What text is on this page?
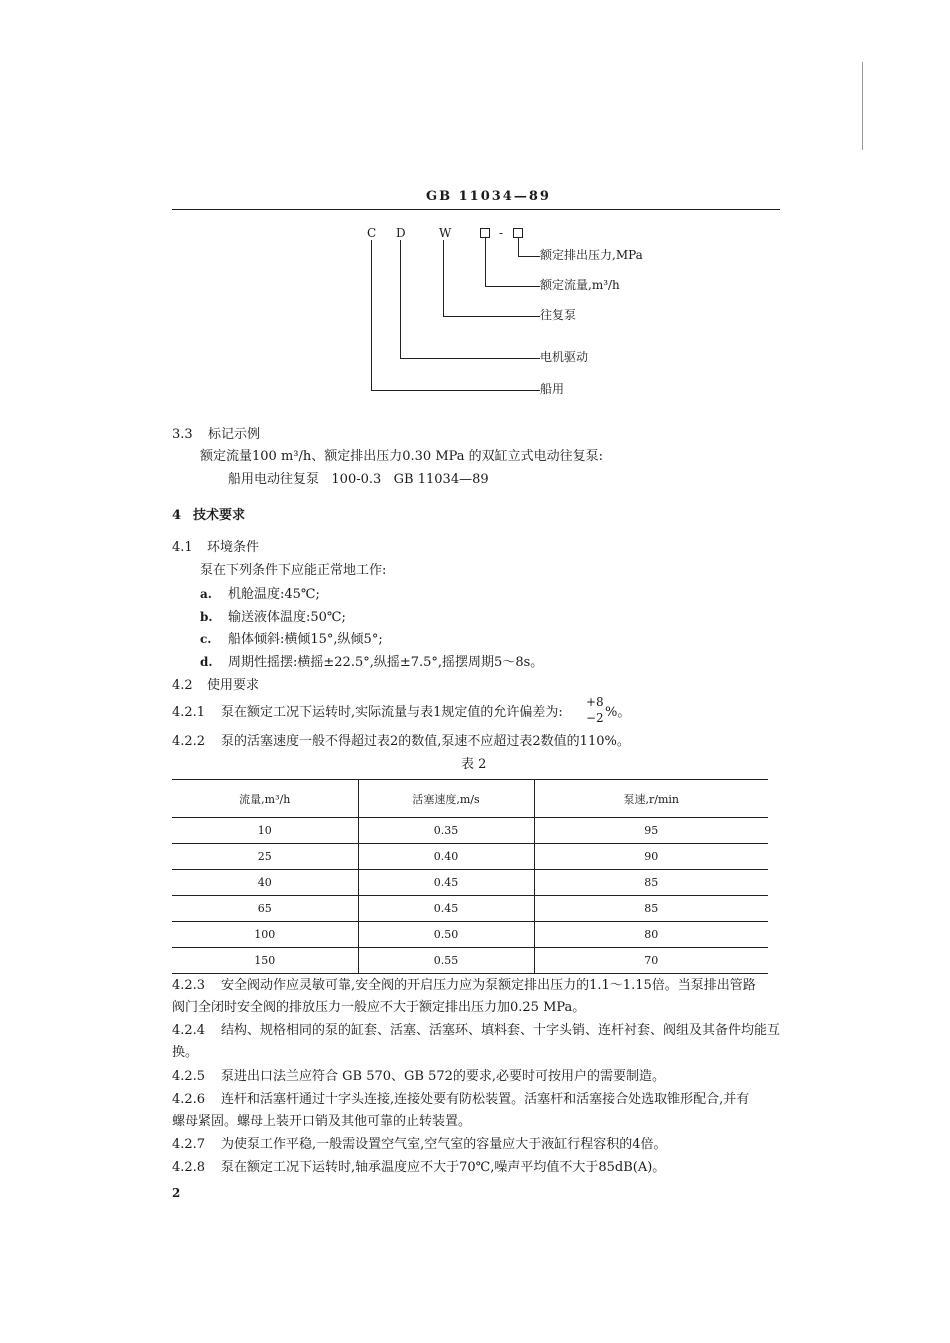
GB 11034—89
C D	W	-
额定排出压力,MPa
额定流量,m³/h
往复泵
电机驱动
船用
3.3 标记示例
额定流量100 m³/h、额定排出压力0.30 MPa 的双缸立式电动往复泵:
船用电动往复泵   100-0.3   GB 11034—89
4 技术要求
4.1 环境条件
泵在下列条件下应能正常地工作:
a. 机舱温度:45℃;
b. 输送液体温度:50℃;
c. 船体倾斜:横倾15°,纵倾5°;
d. 周期性摇摆:横摇±22.5°,纵摇±7.5°,摇摆周期5～8s。
4.2 使用要求
4.2.1 泵在额定工况下运转时,实际流量与表1规定值的允许偏差为:
+8
−2 %。
4.2.2 泵的活塞速度一般不得超过表2的数值,泵速不应超过表2数值的110%。
表 2
流量,m³/h	活塞速度,m/s	泵速,r/min
10	0.35	95
25	0.40	90
40	0.45	85
65	0.45	85
100	0.50	80
150	0.55	70
4.2.3 安全阀动作应灵敏可靠,安全阀的开启压力应为泵额定排出压力的1.1～1.15倍。当泵排出管路
阀门全闭时安全阀的排放压力一般应不大于额定排出压力加0.25 MPa。
4.2.4 结构、规格相同的泵的缸套、活塞、活塞环、填料套、十字头销、连杆衬套、阀组及其备件均能互
换。
4.2.5 泵进出口法兰应符合 GB 570、GB 572的要求,必要时可按用户的需要制造。
4.2.6 连杆和活塞杆通过十字头连接,连接处要有防松装置。活塞杆和活塞接合处选取锥形配合,并有
螺母紧固。螺母上装开口销及其他可靠的止转装置。
4.2.7 为使泵工作平稳,一般需设置空气室,空气室的容量应大于液缸行程容积的4倍。
4.2.8 泵在额定工况下运转时,轴承温度应不大于70℃,噪声平均值不大于85dB(A)。
2
